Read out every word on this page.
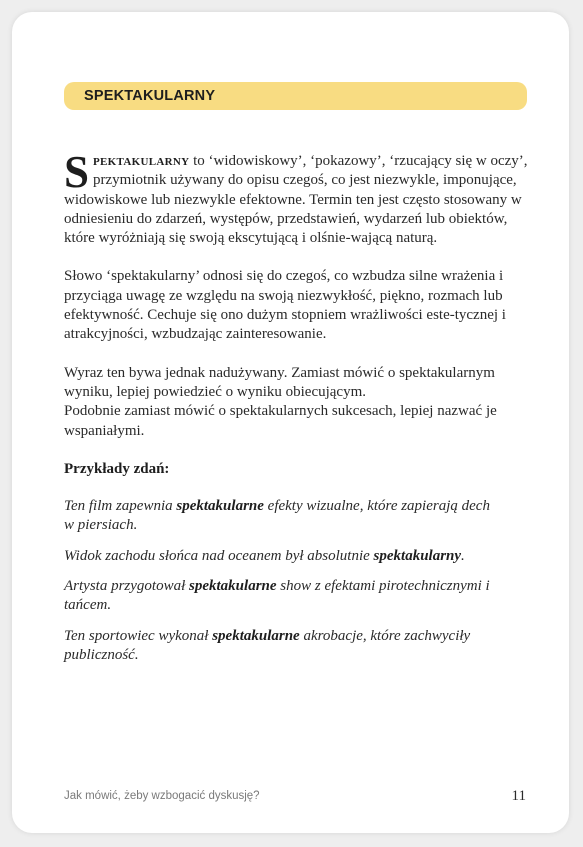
SPEKTAKULARNY

Spektakularny to ‘widowiskowy’, ‘pokazowy’, ‘rzucający się w oczy’, przymiotnik używany do opisu czegoś, co jest niezwykle, imponujące, widowiskowe lub niezwykle efektowne. Termin ten jest często stosowany w odniesieniu do zdarzeń, występów, przedstawień, wydarzeń lub obiektów, które wyróżniają się swoją ekscytującą i olśnie-wającą naturą.

Słowo ‘spektakularny’ odnosi się do czegoś, co wzbudza silne wrażenia i przyciąga uwagę ze względu na swoją niezwykłość, piękno, rozmach lub efektywność. Cechuje się ono dużym stopniem wrażliwości este-tycznej i atrakcyjności, wzbudzając zainteresowanie.

Wyraz ten bywa jednak nadużywany. Zamiast mówić o spektakularnym wyniku, lepiej powiedzieć o wyniku obiecującym.
Podobnie zamiast mówić o spektakularnych sukcesach, lepiej nazwać je wspaniałymi.

Przykłady zdań:

Ten film zapewnia spektakularne efekty wizualne, które zapierają dech w piersiach.

Widok zachodu słońca nad oceanem był absolutnie spektakularny.

Artysta przygotował spektakularne show z efektami pirotechnicznymi i tańcem.

Ten sportowiec wykonał spektakularne akrobacje, które zachwyciły publiczność.

Jak mówić, żeby wzbogacić dyskusję?	11
